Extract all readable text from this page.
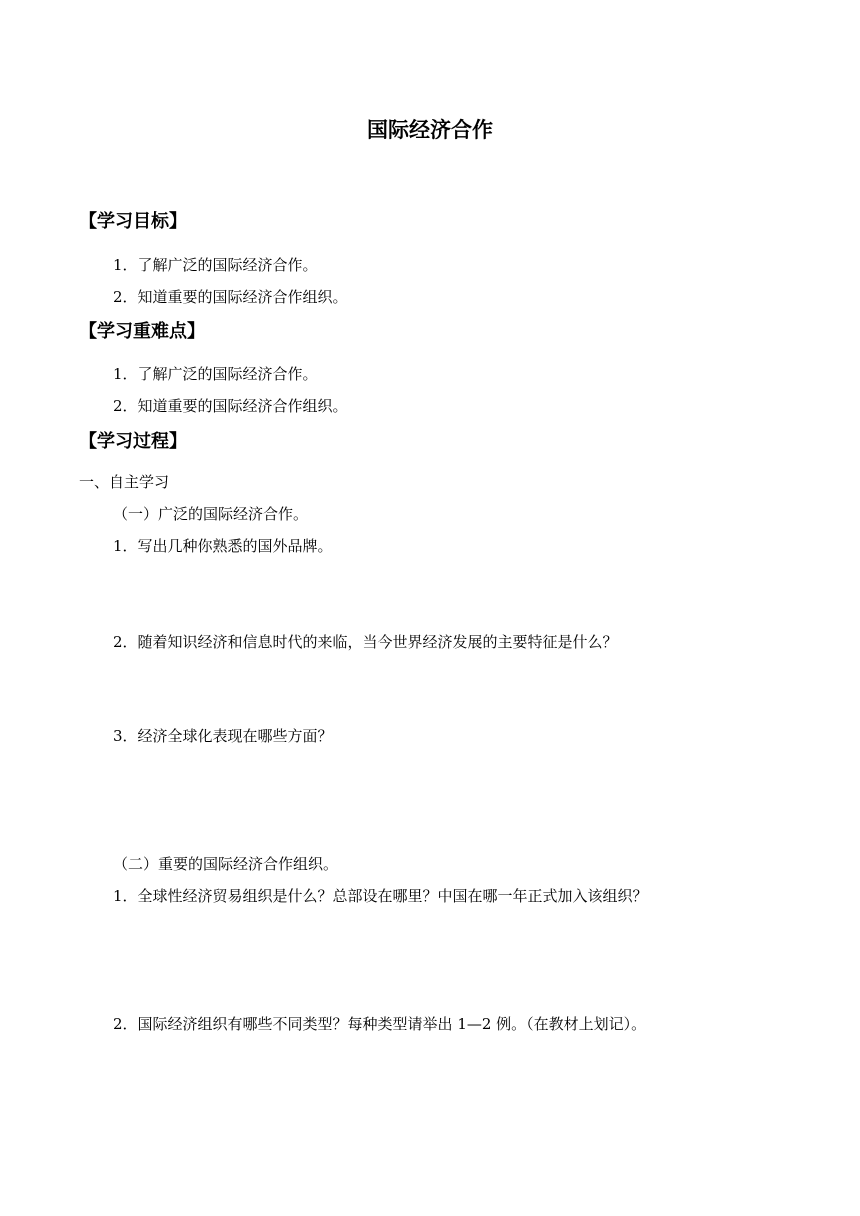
国际经济合作
【学习目标】
1．了解广泛的国际经济合作。
2．知道重要的国际经济合作组织。
【学习重难点】
1．了解广泛的国际经济合作。
2．知道重要的国际经济合作组织。
【学习过程】
一、自主学习
（一）广泛的国际经济合作。
1．写出几种你熟悉的国外品牌。
2．随着知识经济和信息时代的来临，当今世界经济发展的主要特征是什么？
3．经济全球化表现在哪些方面？
（二）重要的国际经济合作组织。
1．全球性经济贸易组织是什么？总部设在哪里？中国在哪一年正式加入该组织？
2．国际经济组织有哪些不同类型？每种类型请举出 1—2 例。（在教材上划记）。
